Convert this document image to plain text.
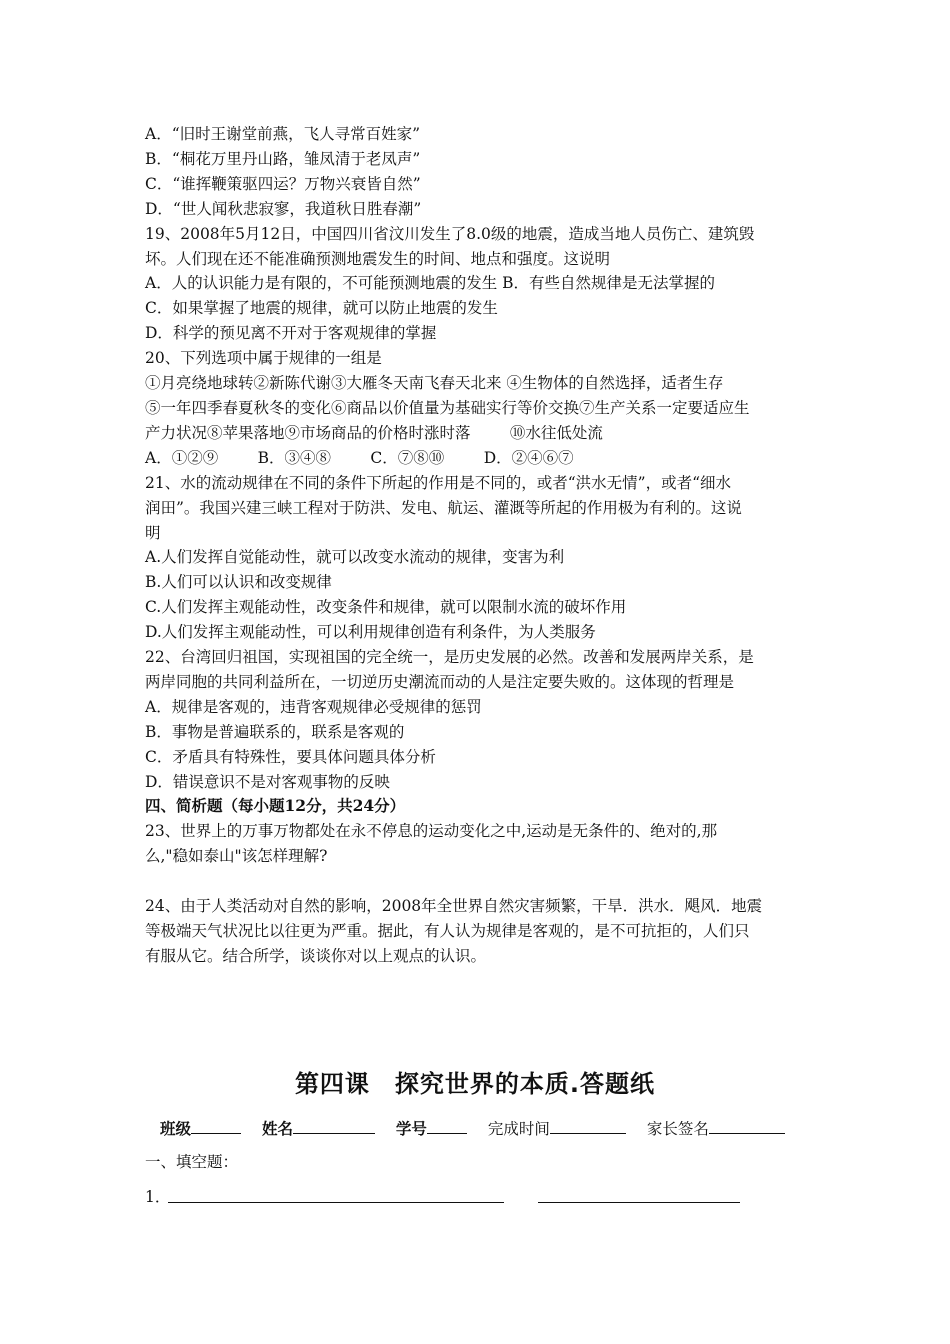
A．“旧时王谢堂前燕，飞人寻常百姓家”
B．“桐花万里丹山路，雏凤清于老凤声”
C．“谁挥鞭策驱四运？万物兴衰皆自然”
D．“世人闻秋悲寂寥，我道秋日胜春潮”
19、2008年5月12日，中国四川省汶川发生了8.0级的地震，造成当地人员伤亡、建筑毁
坏。人们现在还不能准确预测地震发生的时间、地点和强度。这说明
A．人的认识能力是有限的，不可能预测地震的发生 B．有些自然规律是无法掌握的
C．如果掌握了地震的规律，就可以防止地震的发生
D．科学的预见离不开对于客观规律的掌握
20、下列选项中属于规律的一组是
①月亮绕地球转②新陈代谢③大雁冬天南飞春天北来 ④生物体的自然选择，适者生存
⑤一年四季春夏秋冬的变化⑥商品以价值量为基础实行等价交换⑦生产关系一定要适应生
产力状况⑧苹果落地⑨市场商品的价格时涨时落        ⑩水往低处流
A．①②⑨        B．③④⑧        C．⑦⑧⑩        D．②④⑥⑦
21、水的流动规律在不同的条件下所起的作用是不同的，或者“洪水无情”，或者“细水
润田”。我国兴建三峡工程对于防洪、发电、航运、灌溉等所起的作用极为有利的。这说
明
A.人们发挥自觉能动性，就可以改变水流动的规律，变害为利
B.人们可以认识和改变规律
C.人们发挥主观能动性，改变条件和规律，就可以限制水流的破坏作用
D.人们发挥主观能动性，可以利用规律创造有利条件，为人类服务
22、台湾回归祖国，实现祖国的完全统一，是历史发展的必然。改善和发展两岸关系，是
两岸同胞的共同利益所在，一切逆历史潮流而动的人是注定要失败的。这体现的哲理是
A．规律是客观的，违背客观规律必受规律的惩罚
B．事物是普遍联系的，联系是客观的
C．矛盾具有特殊性，要具体问题具体分析
D．错误意识不是对客观事物的反映
四、简析题（每小题12分，共24分）
23、世界上的万事万物都处在永不停息的运动变化之中,运动是无条件的、绝对的,那
么,"稳如泰山"该怎样理解?
24、由于人类活动对自然的影响，2008年全世界自然灾害频繁，干旱．洪水．飓风．地震
等极端天气状况比以往更为严重。据此，有人认为规律是客观的，是不可抗拒的，人们只
有服从它。结合所学，谈谈你对以上观点的认识。
第四课　探究世界的本质.答题纸
班级	姓名	学号	完成时间	家长签名
一、填空题：
1．
